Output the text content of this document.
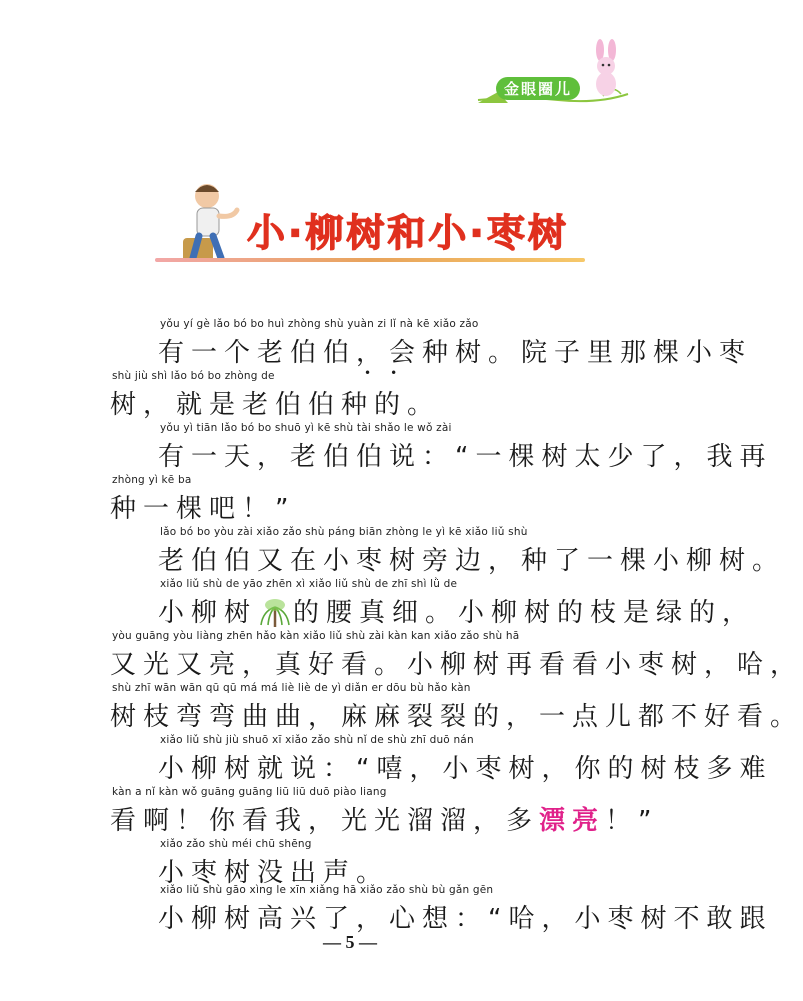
金眼圈儿
小·柳树和小·枣树
yǒu yí gè lǎo bó bo huì zhòng shù yuàn zi lǐ nà kē xiǎo zǎo
有一个老伯伯，会种树。院子里那棵小枣
•     •
shù jiù shì lǎo bó bo zhòng de
树，就是老伯伯种的。
yǒu yì tiān lǎo bó bo shuō yì kē shù tài shǎo le wǒ zài
有一天，老伯伯说：“一棵树太少了，我再
zhòng yì kē ba
种一棵吧！”
lǎo bó bo yòu zài xiǎo zǎo shù páng biān zhòng le yì kē xiǎo liǔ shù
老伯伯又在小枣树旁边，种了一棵小柳树。
xiǎo liǔ shù de yāo zhēn xì xiǎo liǔ shù de zhī shì lǜ de
小柳树 的腰真细。小柳树的枝是绿的，
yòu guāng yòu liàng zhēn hǎo kàn xiǎo liǔ shù zài kàn kan xiǎo zǎo shù hā
又光又亮，真好看。小柳树再看看小枣树，哈，
shù zhī wān wān qū qū má má liè liè de yì diǎn er dōu bù hǎo kàn
树枝弯弯曲曲，麻麻裂裂的，一点儿都不好看。
xiǎo liǔ shù jiù shuō xī xiǎo zǎo shù nǐ de shù zhī duō nán
小柳树就说：“嘻，小枣树，你的树枝多难
kàn a nǐ kàn wǒ guāng guāng liū liū duō piào liang
看啊！你看我，光光溜溜，多漂亮！”
xiǎo zǎo shù méi chū shēng
小枣树没出声。
xiǎo liǔ shù gāo xìng le xīn xiǎng hā xiǎo zǎo shù bù gǎn gēn
小柳树高兴了，心想：“哈，小枣树不敢跟
— 5 —
